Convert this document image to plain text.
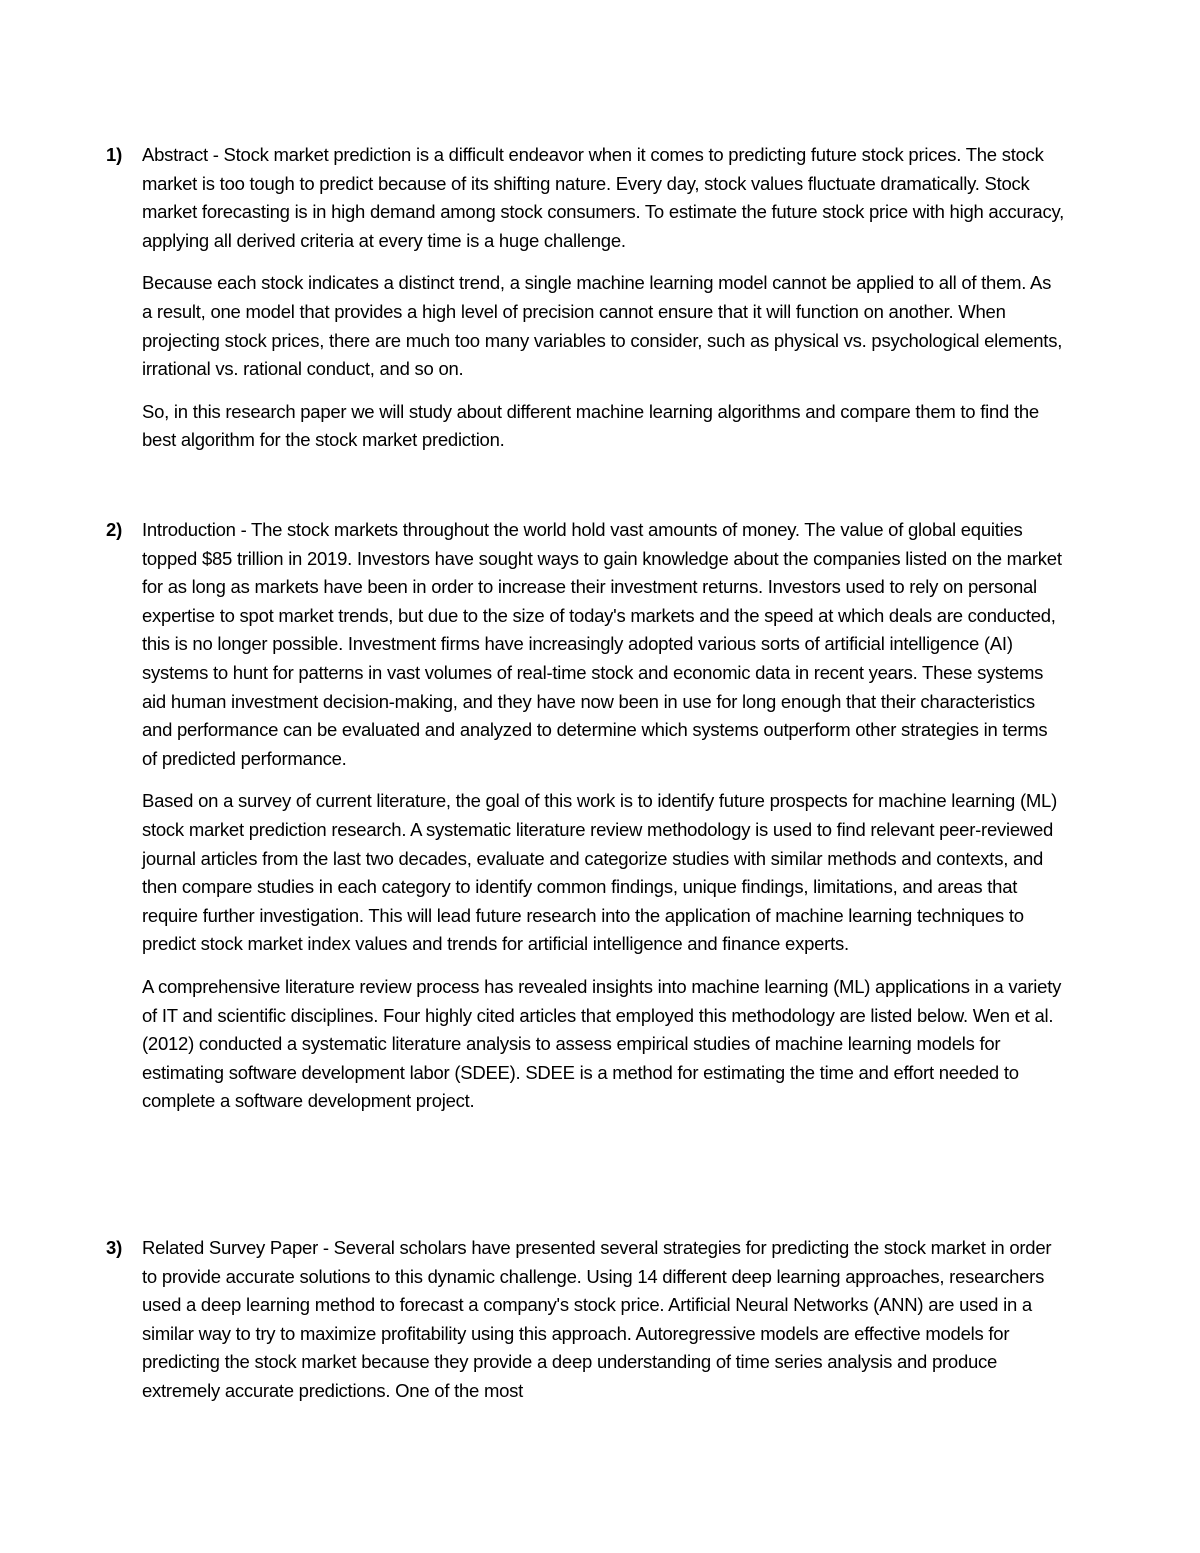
1) Abstract - Stock market prediction is a difficult endeavor when it comes to predicting future stock prices. The stock market is too tough to predict because of its shifting nature. Every day, stock values fluctuate dramatically. Stock market forecasting is in high demand among stock consumers. To estimate the future stock price with high accuracy, applying all derived criteria at every time is a huge challenge.

Because each stock indicates a distinct trend, a single machine learning model cannot be applied to all of them. As a result, one model that provides a high level of precision cannot ensure that it will function on another. When projecting stock prices, there are much too many variables to consider, such as physical vs. psychological elements, irrational vs. rational conduct, and so on.

So, in this research paper we will study about different machine learning algorithms and compare them to find the best algorithm for the stock market prediction.

2) Introduction - The stock markets throughout the world hold vast amounts of money. The value of global equities topped $85 trillion in 2019. Investors have sought ways to gain knowledge about the companies listed on the market for as long as markets have been in order to increase their investment returns. Investors used to rely on personal expertise to spot market trends, but due to the size of today's markets and the speed at which deals are conducted, this is no longer possible. Investment firms have increasingly adopted various sorts of artificial intelligence (AI) systems to hunt for patterns in vast volumes of real-time stock and economic data in recent years. These systems aid human investment decision-making, and they have now been in use for long enough that their characteristics and performance can be evaluated and analyzed to determine which systems outperform other strategies in terms of predicted performance.

Based on a survey of current literature, the goal of this work is to identify future prospects for machine learning (ML) stock market prediction research. A systematic literature review methodology is used to find relevant peer-reviewed journal articles from the last two decades, evaluate and categorize studies with similar methods and contexts, and then compare studies in each category to identify common findings, unique findings, limitations, and areas that require further investigation. This will lead future research into the application of machine learning techniques to predict stock market index values and trends for artificial intelligence and finance experts.

A comprehensive literature review process has revealed insights into machine learning (ML) applications in a variety of IT and scientific disciplines. Four highly cited articles that employed this methodology are listed below. Wen et al. (2012) conducted a systematic literature analysis to assess empirical studies of machine learning models for estimating software development labor (SDEE). SDEE is a method for estimating the time and effort needed to complete a software development project.

3) Related Survey Paper - Several scholars have presented several strategies for predicting the stock market in order to provide accurate solutions to this dynamic challenge. Using 14 different deep learning approaches, researchers used a deep learning method to forecast a company's stock price. Artificial Neural Networks (ANN) are used in a similar way to try to maximize profitability using this approach. Autoregressive models are effective models for predicting the stock market because they provide a deep understanding of time series analysis and produce extremely accurate predictions. One of the most
